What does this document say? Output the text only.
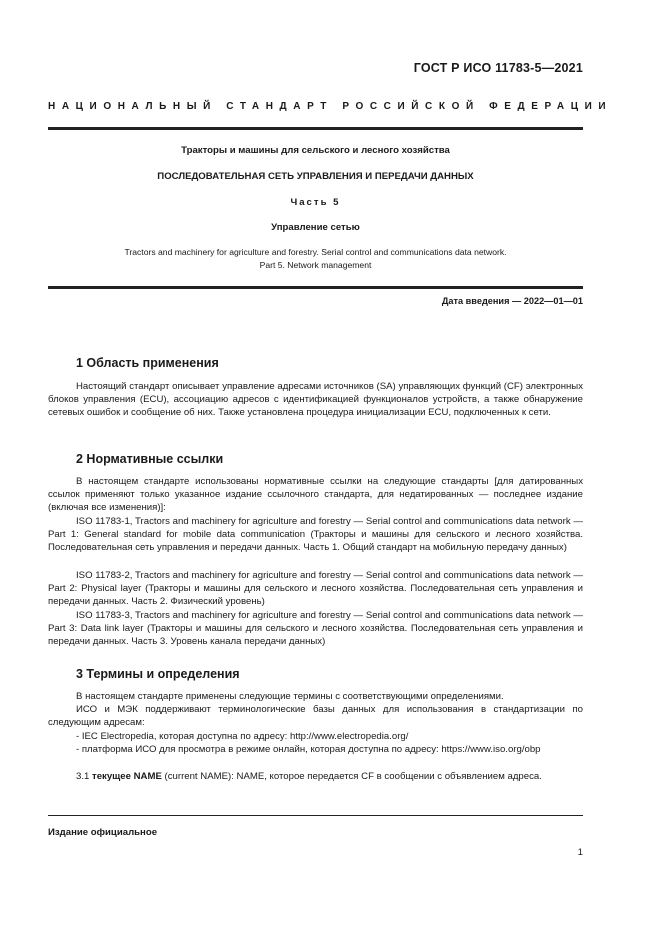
ГОСТ Р ИСО 11783-5—2021
НАЦИОНАЛЬНЫЙ СТАНДАРТ РОССИЙСКОЙ ФЕДЕРАЦИИ
Тракторы и машины для сельского и лесного хозяйства
ПОСЛЕДОВАТЕЛЬНАЯ СЕТЬ УПРАВЛЕНИЯ И ПЕРЕДАЧИ ДАННЫХ
Часть 5
Управление сетью
Tractors and machinery for agriculture and forestry. Serial control and communications data network.
Part 5. Network management
Дата введения — 2022—01—01
1 Область применения

Настоящий стандарт описывает управление адресами источников (SA) управляющих функций (CF) электронных блоков управления (ECU), ассоциацию адресов с идентификацией функционалов устройств, а также обнаружение сетевых ошибок и сообщение об них. Также установлена процедура инициализации ECU, подключенных к сети.

2 Нормативные ссылки

В настоящем стандарте использованы нормативные ссылки на следующие стандарты [для датированных ссылок применяют только указанное издание ссылочного стандарта, для недатированных — последнее издание (включая все изменения)]:

ISO 11783-1, Tractors and machinery for agriculture and forestry — Serial control and communications data network — Part 1: General standard for mobile data communication (Тракторы и машины для сельского и лесного хозяйства. Последовательная сеть управления и передачи данных. Часть 1. Общий стандарт на мобильную передачу данных)

ISO 11783-2, Tractors and machinery for agriculture and forestry — Serial control and communications data network — Part 2: Physical layer (Тракторы и машины для сельского и лесного хозяйства. Последовательная сеть управления и передачи данных. Часть 2. Физический уровень)

ISO 11783-3, Tractors and machinery for agriculture and forestry — Serial control and communications data network — Part 3: Data link layer (Тракторы и машины для сельского и лесного хозяйства. Последовательная сеть управления и передачи данных. Часть 3. Уровень канала передачи данных)

3 Термины и определения

В настоящем стандарте применены следующие термины с соответствующими определениями.

ИСО и МЭК поддерживают терминологические базы данных для использования в стандартизации по следующим адресам:

- IEC Electropedia, которая доступна по адресу: http://www.electropedia.org/

- платформа ИСО для просмотра в режиме онлайн, которая доступна по адресу: https://www.iso.org/obp

3.1 текущее NAME (current NAME): NAME, которое передается CF в сообщении с объявлением адреса.

Издание официальное
1
